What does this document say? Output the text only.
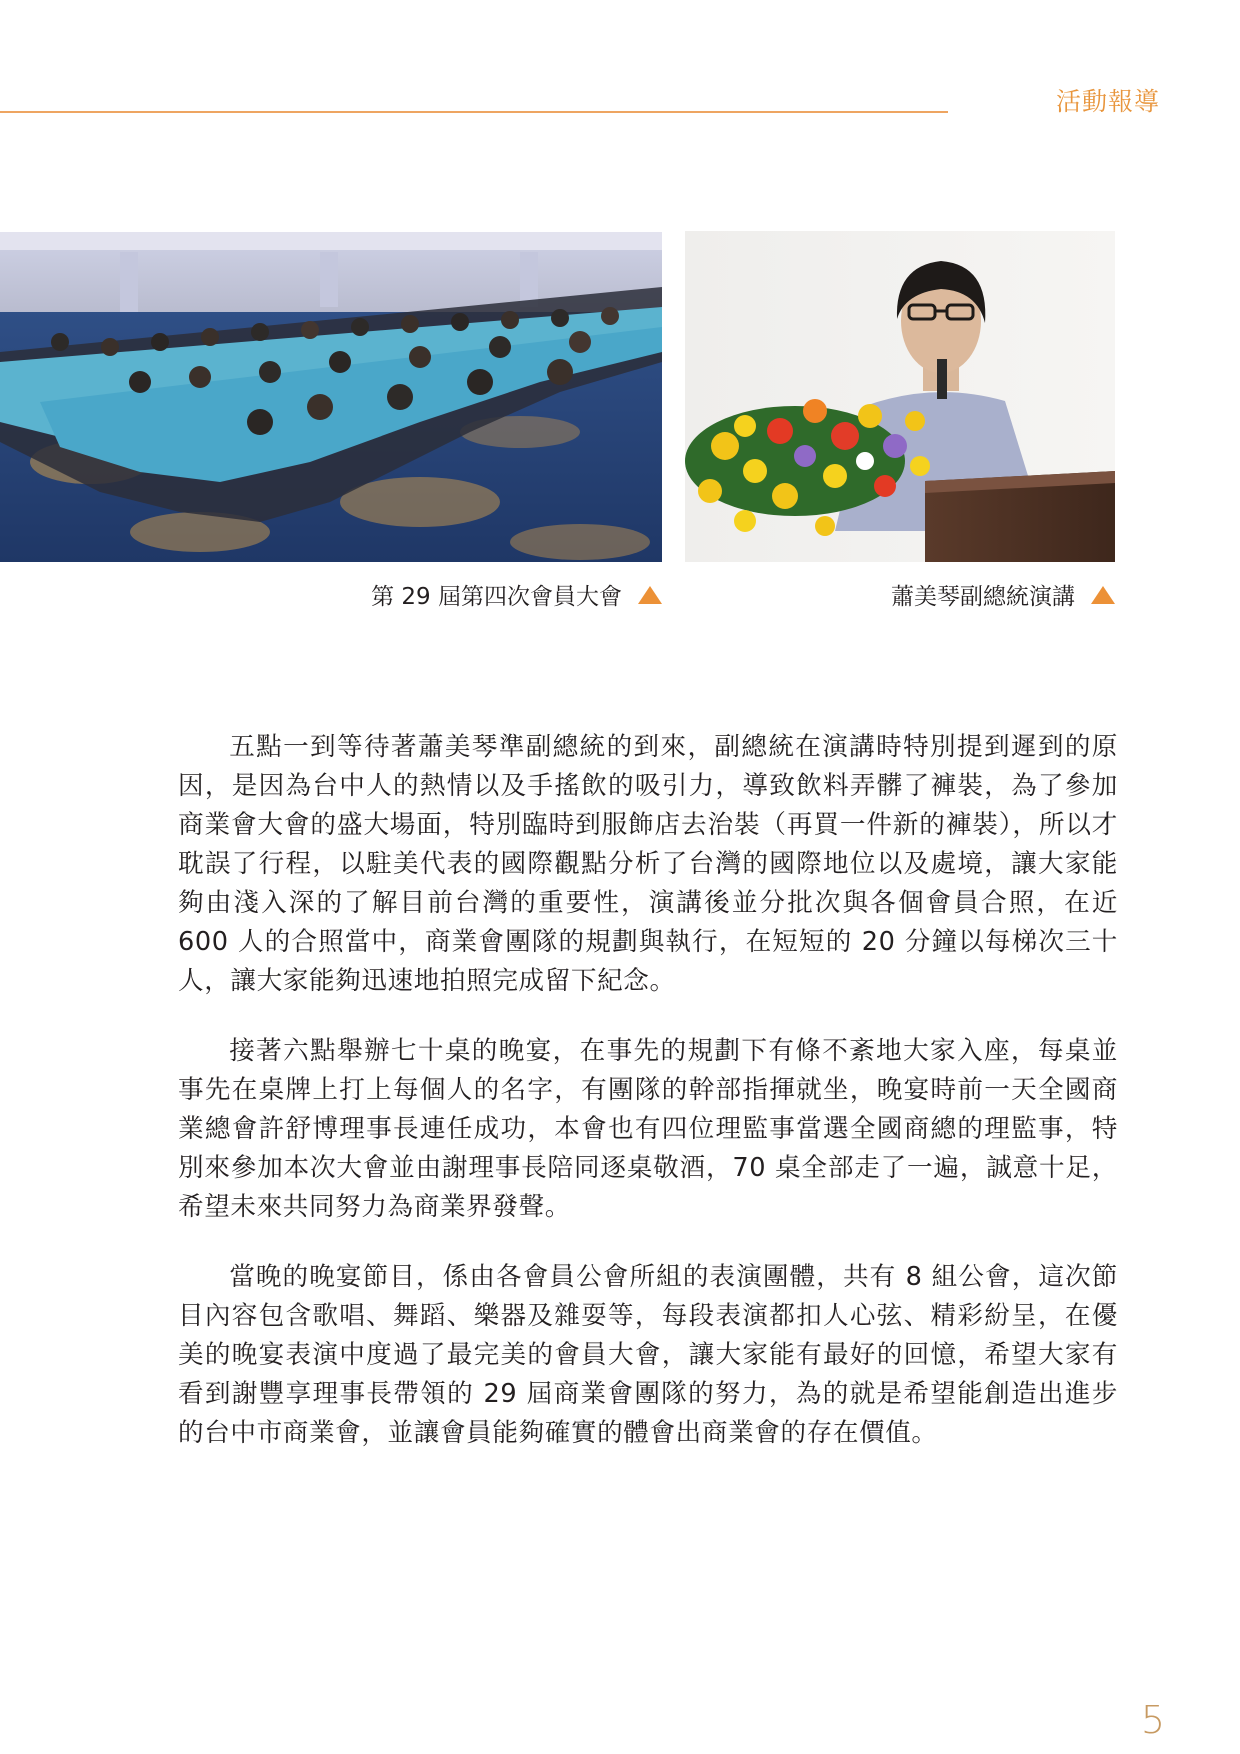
活動報導
第 29 屆第四次會員大會	蕭美琴副總統演講

五點一到等待著蕭美琴準副總統的到來，副總統在演講時特別提到遲到的原因，是因為台中人的熱情以及手搖飲的吸引力，導致飲料弄髒了褲裝，為了參加商業會大會的盛大場面，特別臨時到服飾店去治裝（再買一件新的褲裝），所以才耽誤了行程，以駐美代表的國際觀點分析了台灣的國際地位以及處境，讓大家能夠由淺入深的了解目前台灣的重要性，演講後並分批次與各個會員合照，在近 600 人的合照當中，商業會團隊的規劃與執行，在短短的 20 分鐘以每梯次三十人，讓大家能夠迅速地拍照完成留下紀念。

接著六點舉辦七十桌的晚宴，在事先的規劃下有條不紊地大家入座，每桌並事先在桌牌上打上每個人的名字，有團隊的幹部指揮就坐，晚宴時前一天全國商業總會許舒博理事長連任成功，本會也有四位理監事當選全國商總的理監事，特別來參加本次大會並由謝理事長陪同逐桌敬酒，70 桌全部走了一遍，誠意十足，希望未來共同努力為商業界發聲。

當晚的晚宴節目，係由各會員公會所組的表演團體，共有 8 組公會，這次節目內容包含歌唱、舞蹈、樂器及雜耍等，每段表演都扣人心弦、精彩紛呈，在優美的晚宴表演中度過了最完美的會員大會，讓大家能有最好的回憶，希望大家有看到謝豐享理事長帶領的 29 屆商業會團隊的努力，為的就是希望能創造出進步的台中市商業會，並讓會員能夠確實的體會出商業會的存在價值。

5
